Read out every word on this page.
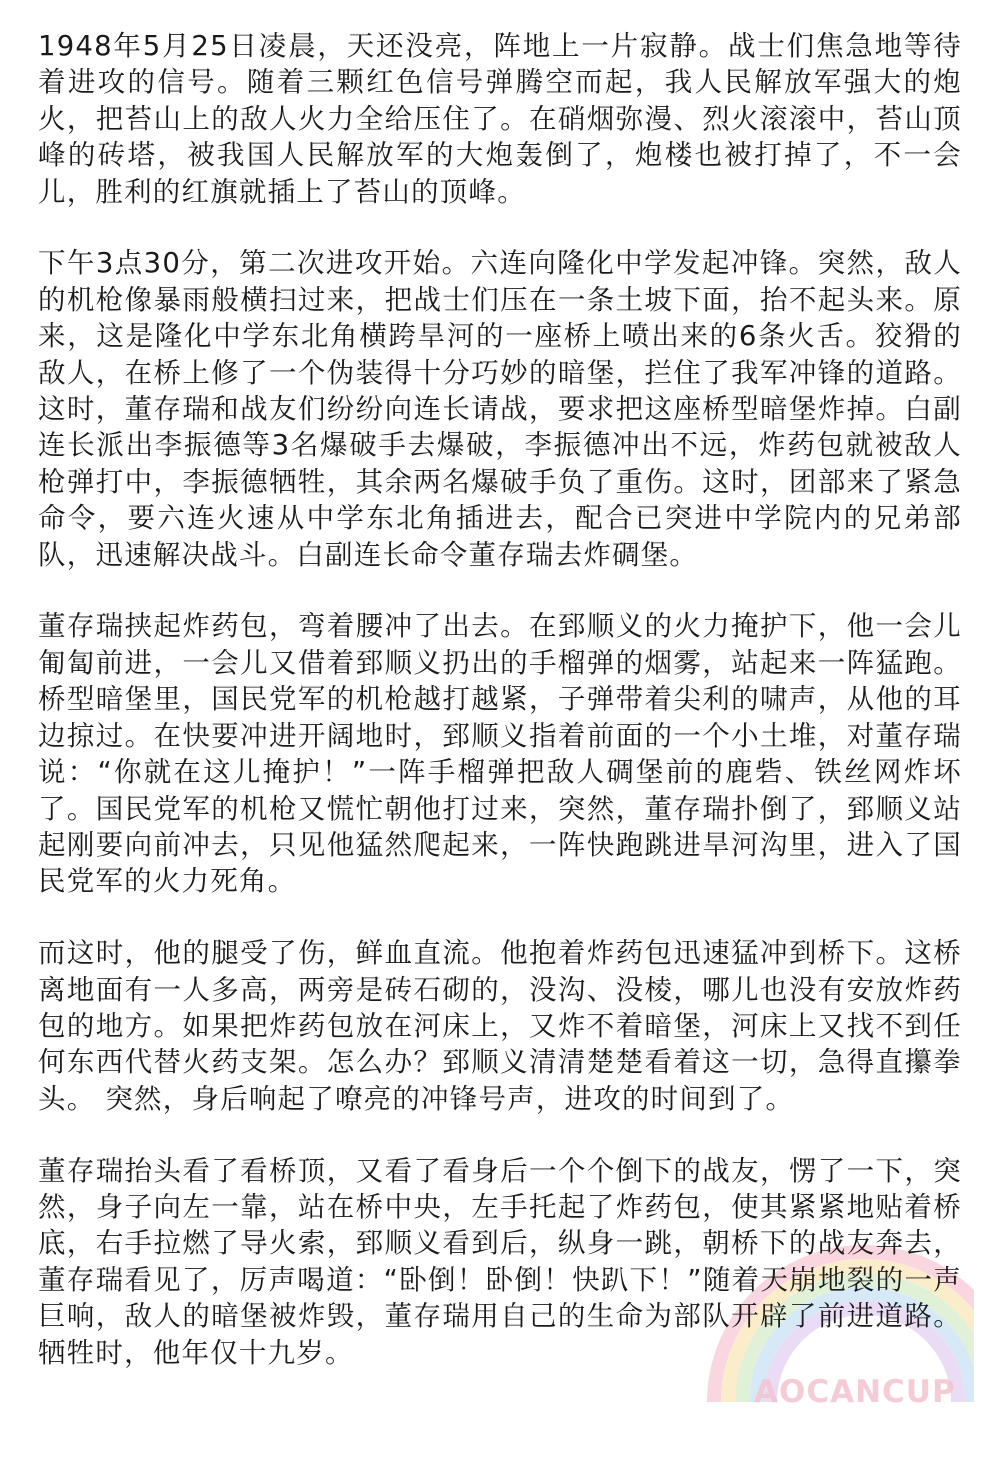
1948年5月25日凌晨，天还没亮，阵地上一片寂静。战士们焦急地等待着进攻的信号。随着三颗红色信号弹腾空而起，我人民解放军强大的炮火，把苔山上的敌人火力全给压住了。在硝烟弥漫、烈火滚滚中，苔山顶峰的砖塔，被我国人民解放军的大炮轰倒了，炮楼也被打掉了，不一会儿，胜利的红旗就插上了苔山的顶峰。

下午3点30分，第二次进攻开始。六连向隆化中学发起冲锋。突然，敌人的机枪像暴雨般横扫过来，把战士们压在一条土坡下面，抬不起头来。原来，这是隆化中学东北角横跨旱河的一座桥上喷出来的6条火舌。狡猾的敌人，在桥上修了一个伪装得十分巧妙的暗堡，拦住了我军冲锋的道路。这时，董存瑞和战友们纷纷向连长请战，要求把这座桥型暗堡炸掉。白副连长派出李振德等3名爆破手去爆破，李振德冲出不远，炸药包就被敌人枪弹打中，李振德牺牲，其余两名爆破手负了重伤。这时，团部来了紧急命令，要六连火速从中学东北角插进去，配合已突进中学院内的兄弟部队，迅速解决战斗。白副连长命令董存瑞去炸碉堡。

董存瑞挟起炸药包，弯着腰冲了出去。在郅顺义的火力掩护下，他一会儿匍匐前进，一会儿又借着郅顺义扔出的手榴弹的烟雾，站起来一阵猛跑。桥型暗堡里，国民党军的机枪越打越紧，子弹带着尖利的啸声，从他的耳边掠过。在快要冲进开阔地时，郅顺义指着前面的一个小土堆，对董存瑞说：“你就在这儿掩护！”一阵手榴弹把敌人碉堡前的鹿砦、铁丝网炸坏了。国民党军的机枪又慌忙朝他打过来，突然，董存瑞扑倒了，郅顺义站起刚要向前冲去，只见他猛然爬起来，一阵快跑跳进旱河沟里，进入了国民党军的火力死角。

而这时，他的腿受了伤，鲜血直流。他抱着炸药包迅速猛冲到桥下。这桥离地面有一人多高，两旁是砖石砌的，没沟、没棱，哪儿也没有安放炸药包的地方。如果把炸药包放在河床上，又炸不着暗堡，河床上又找不到任何东西代替火药支架。怎么办？郅顺义清清楚楚看着这一切，急得直攥拳头。 突然，身后响起了嘹亮的冲锋号声，进攻的时间到了。

董存瑞抬头看了看桥顶，又看了看身后一个个倒下的战友，愣了一下，突然，身子向左一靠，站在桥中央，左手托起了炸药包，使其紧紧地贴着桥底，右手拉燃了导火索，郅顺义看到后，纵身一跳，朝桥下的战友奔去，董存瑞看见了，厉声喝道：“卧倒！卧倒！快趴下！”随着天崩地裂的一声巨响，敌人的暗堡被炸毁，董存瑞用自己的生命为部队开辟了前进道路。牺牲时，他年仅十九岁。

AOCANCUP
